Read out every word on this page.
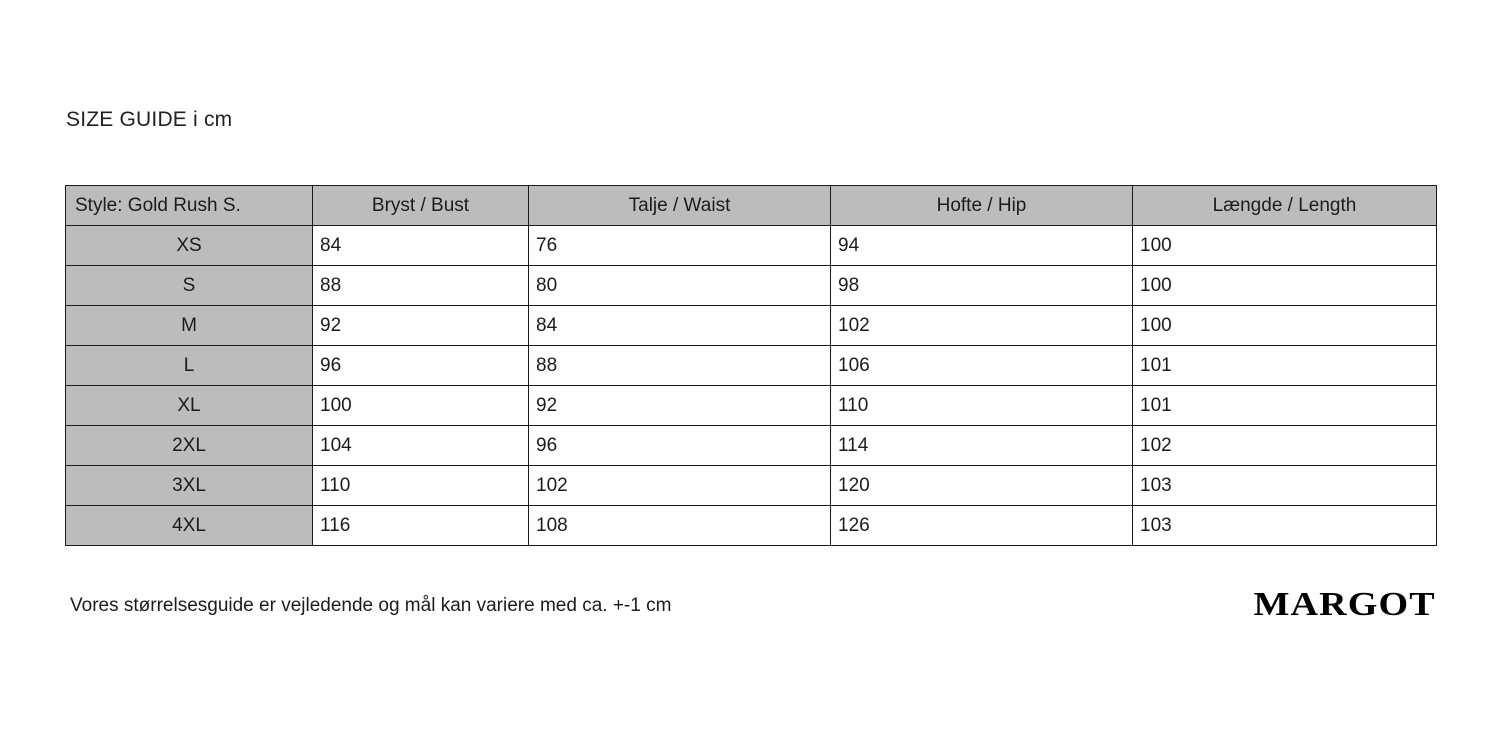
SIZE GUIDE i cm
Style: Gold Rush S.	Bryst / Bust	Talje / Waist	Hofte / Hip	Længde / Length
XS	84	76	94	100
S	88	80	98	100
M	92	84	102	100
L	96	88	106	101
XL	100	92	110	101
2XL	104	96	114	102
3XL	110	102	120	103
4XL	116	108	126	103
Vores størrelsesguide er vejledende og mål kan variere med ca. +-1 cm	MARGOT
